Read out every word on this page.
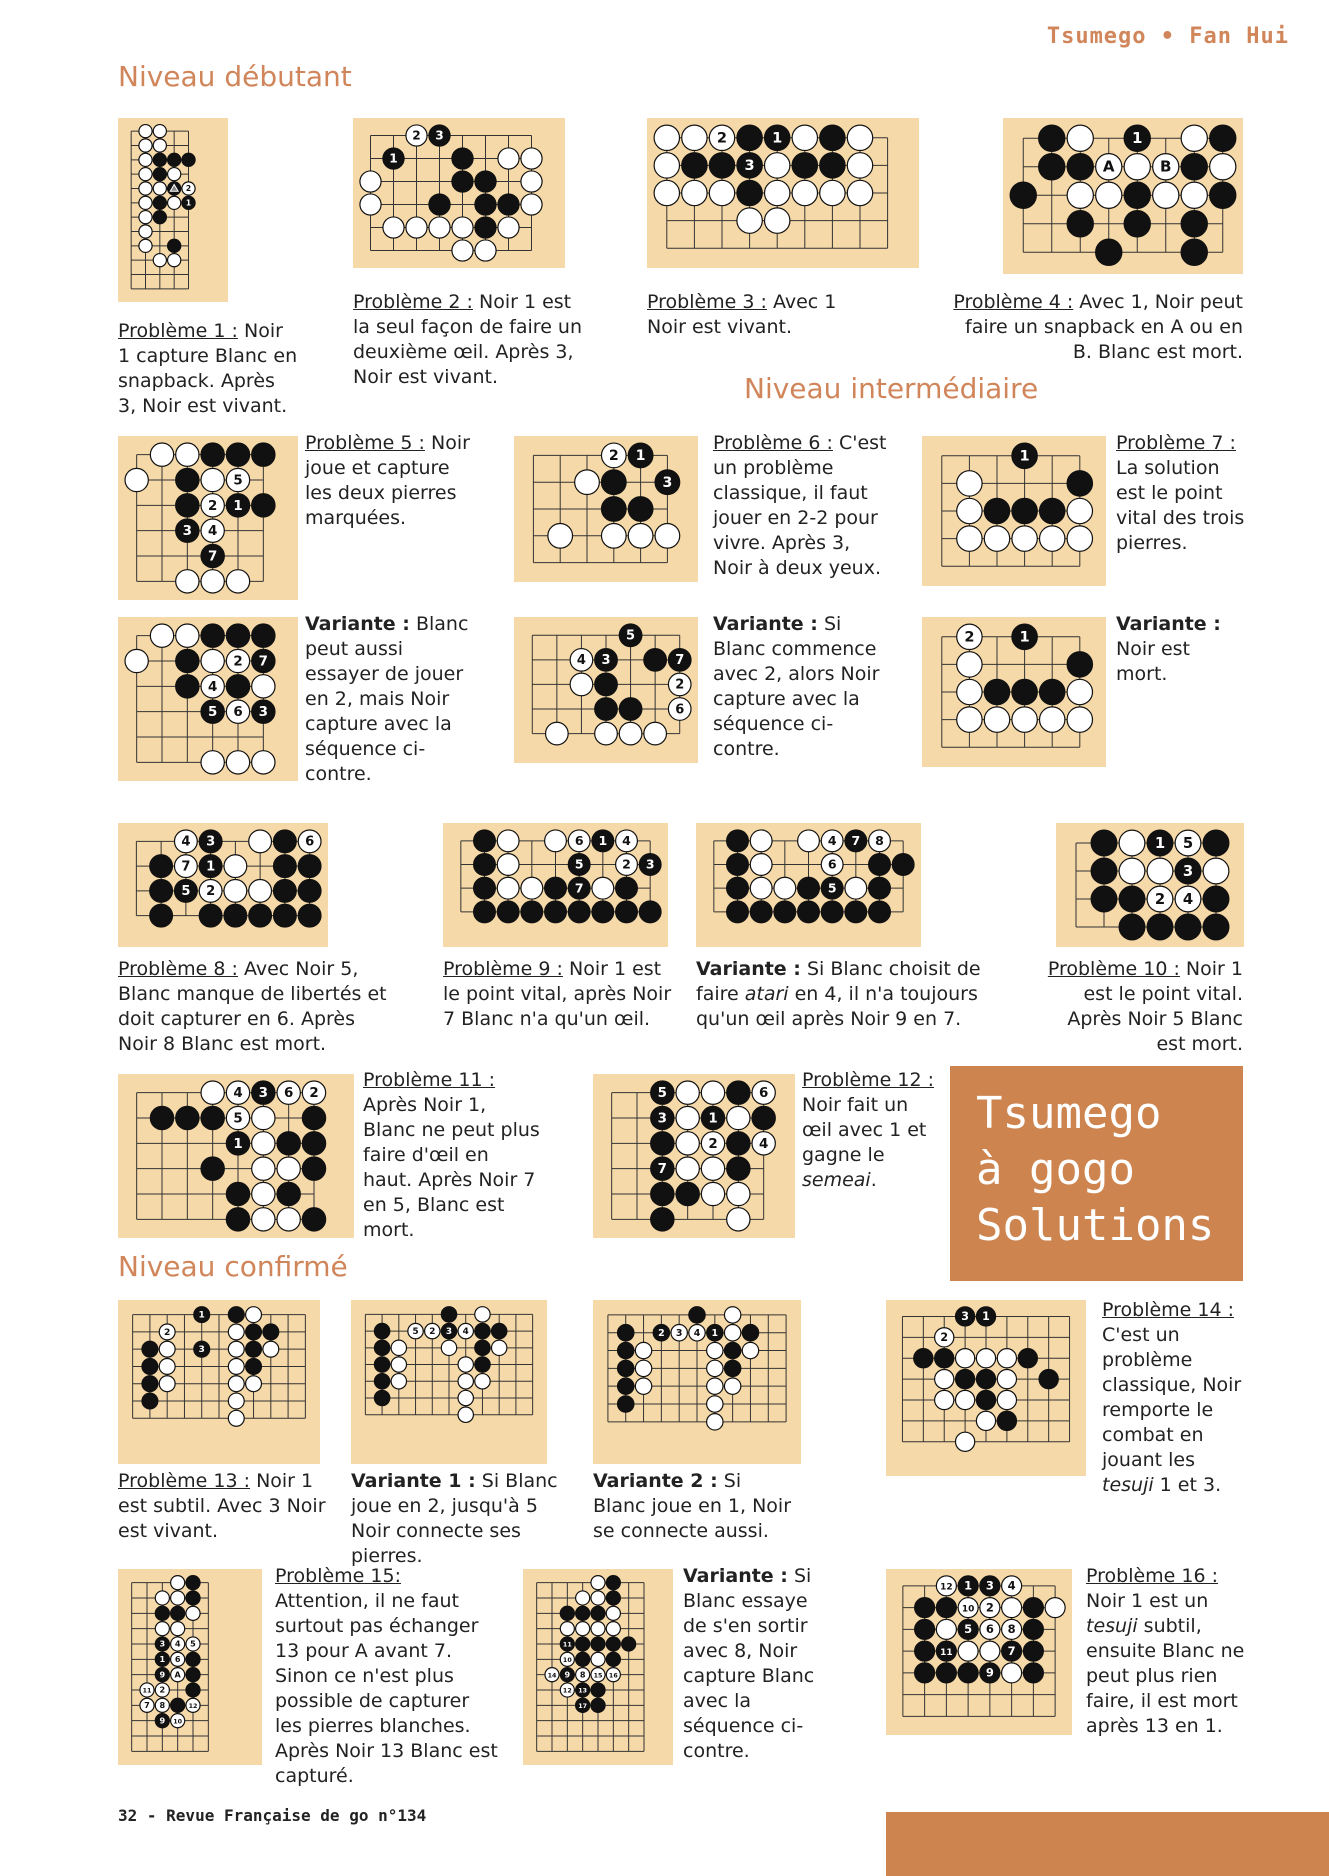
Tsumego • Fan Hui
Niveau débutant
Niveau intermédiaire
Niveau confirmé
2
1
2 3
1
2	1
3
1
A	B
5
2 1
3 4
7
2 1
3
1
2 7
4
5 6 3
5
4 3	7
2
6
2	1
4 3	6
7 1
5 2
6 1 4
5	2 3
7
4 7 8
6
5
1 5
3
2 4
4 3 6 2
5
1
5	6
3	1
2	4
7
1
2
3
5 2 3 4	2 3 4 1
3 1
2
3 4 5
1 6
9 A
11 2
7 8	12
9 10
11
10
14 9 8 15 16
12 13
17
12 1 3 4
10 2
5 6 8
11	7
9
Problème 1 : Noir 1 capture Blanc en snapback. Après 3, Noir est vivant.
Problème 2 : Noir 1 est la seul façon de faire un deuxième œil. Après 3, Noir est vivant.
Problème 3 : Avec 1 Noir est vivant.
Problème 4 : Avec 1, Noir peut faire un snapback en A ou en B. Blanc est mort.
Problème 5 : Noir joue et capture les deux pierres marquées.
Problème 6 : C'est un problème classique, il faut jouer en 2-2 pour vivre. Après 3, Noir à deux yeux.
Problème 7 : La solution est le point vital des trois pierres.
Variante : Blanc peut aussi essayer de jouer en 2, mais Noir capture avec la séquence ci-contre.
Variante : Si Blanc commence avec 2, alors Noir capture avec la séquence ci-contre.
Variante : Noir est mort.
Problème 8 : Avec Noir 5, Blanc manque de libertés et doit capturer en 6. Après Noir 8 Blanc est mort.
Problème 9 : Noir 1 est le point vital, après Noir 7 Blanc n'a qu'un œil.
Variante : Si Blanc choisit de faire atari en 4, il n'a toujours qu'un œil après Noir 9 en 7.
Problème 10 : Noir 1 est le point vital. Après Noir 5 Blanc est mort.
Problème 11 : Après Noir 1, Blanc ne peut plus faire d'œil en haut. Après Noir 7 en 5, Blanc est mort.
Problème 12 : Noir fait un œil avec 1 et gagne le semeai.
Tsumego
à gogo
Solutions
Problème 13 : Noir 1 est subtil. Avec 3 Noir est vivant.
Variante 1 : Si Blanc joue en 2, jusqu'à 5 Noir connecte ses pierres.
Variante 2 : Si Blanc joue en 1, Noir se connecte aussi.
Problème 14 : C'est un problème classique, Noir remporte le combat en jouant les tesuji 1 et 3.
Problème 15: Attention, il ne faut surtout pas échanger 13 pour A avant 7. Sinon ce n'est plus possible de capturer les pierres blanches. Après Noir 13 Blanc est capturé.
Variante : Si Blanc essaye de s'en sortir avec 8, Noir capture Blanc avec la séquence ci-contre.
Problème 16 : Noir 1 est un tesuji subtil, ensuite Blanc ne peut plus rien faire, il est mort après 13 en 1.
32 - Revue Française de go n°134
